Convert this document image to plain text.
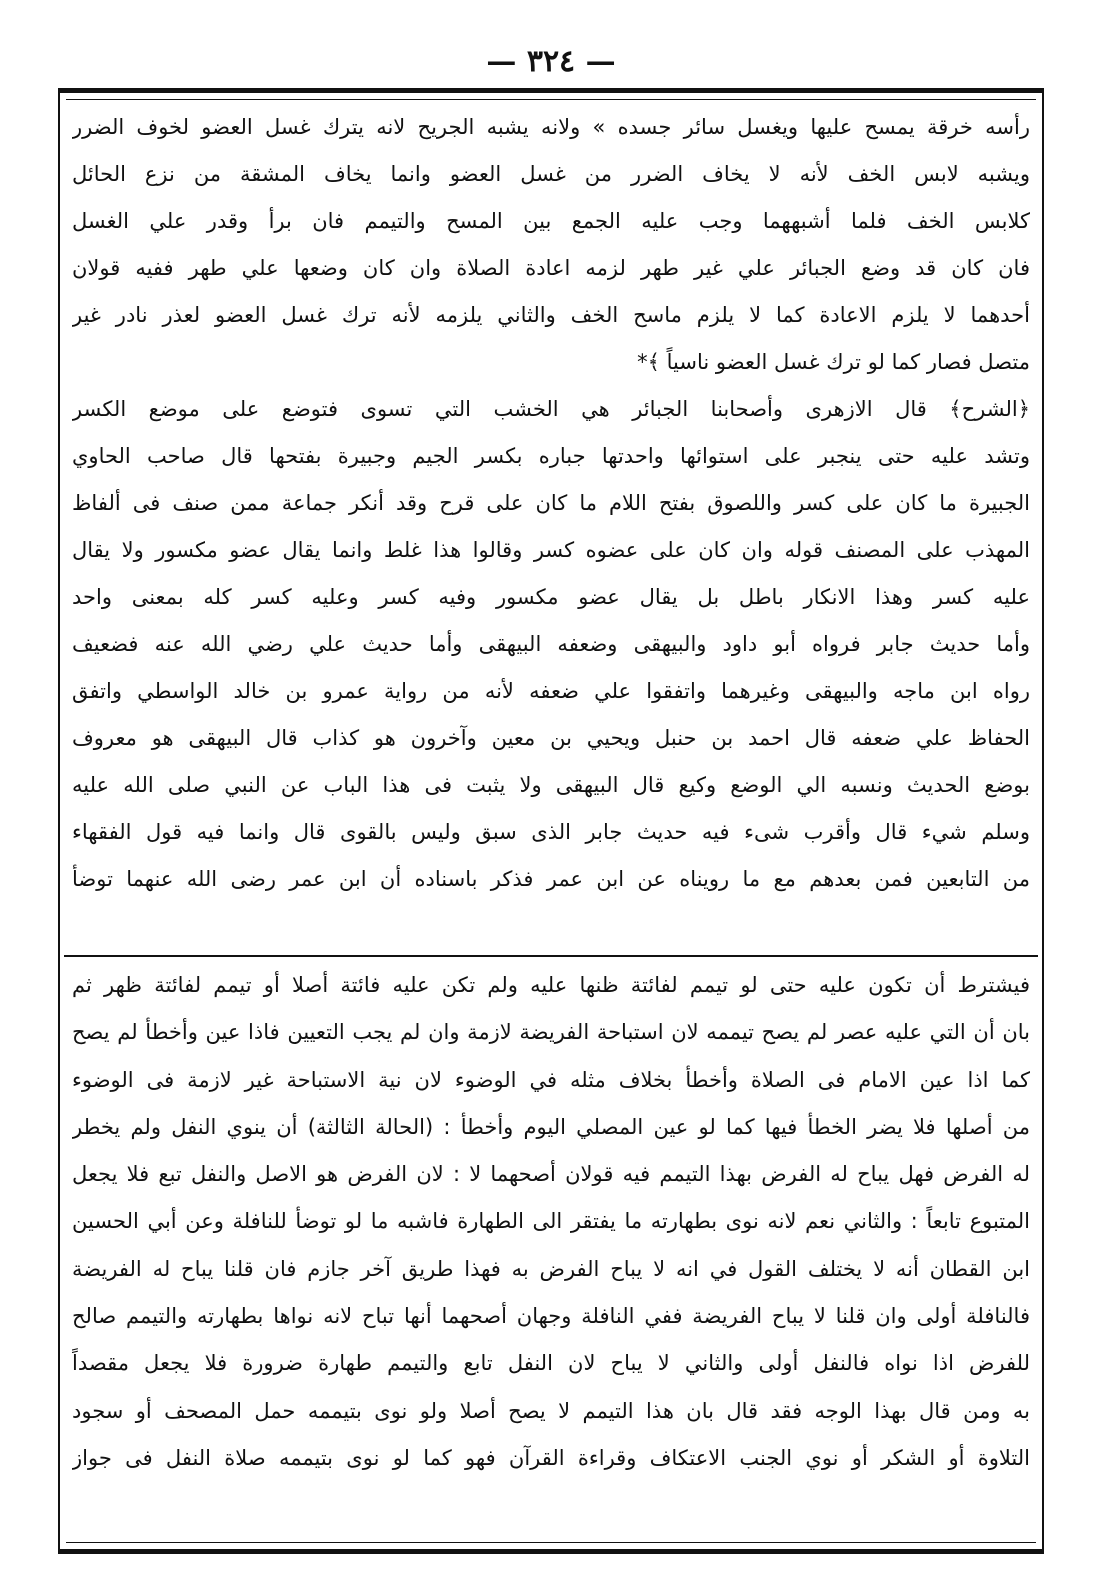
— ٣٢٤ —
رأسه خرقة يمسح عليها ويغسل سائر جسده » ولانه يشبه الجريح لانه يترك غسل العضو لخوف الضرر
ويشبه لابس الخف لأنه لا يخاف الضرر من غسل العضو وانما يخاف المشقة من نزع الحائل
كلابس الخف فلما أشبههما وجب عليه الجمع بين المسح والتيمم فان برأ وقدر علي الغسل
فان كان قد وضع الجبائر علي غير طهر لزمه اعادة الصلاة وان كان وضعها علي طهر ففيه قولان
أحدهما لا يلزم الاعادة كما لا يلزم ماسح الخف والثاني يلزمه لأنه ترك غسل العضو لعذر نادر غير
متصل فصار كما لو ترك غسل العضو ناسياً ﴾*
﴿الشرح﴾ قال الازهرى وأصحابنا الجبائر هي الخشب التي تسوى فتوضع على موضع الكسر
وتشد عليه حتى ينجبر على استوائها واحدتها جباره بكسر الجيم وجبيرة بفتحها قال صاحب الحاوي
الجبيرة ما كان على كسر واللصوق بفتح اللام ما كان على قرح وقد أنكر جماعة ممن صنف فى ألفاظ
المهذب على المصنف قوله وان كان على عضوه كسر وقالوا هذا غلط وانما يقال عضو مكسور ولا يقال
عليه كسر وهذا الانكار باطل بل يقال عضو مكسور وفيه كسر وعليه كسر كله بمعنى واحد
وأما حديث جابر فرواه أبو داود والبيهقى وضعفه البيهقى وأما حديث علي رضي الله عنه فضعيف
رواه ابن ماجه والبيهقى وغيرهما واتفقوا علي ضعفه لأنه من رواية عمرو بن خالد الواسطي واتفق
الحفاظ علي ضعفه قال احمد بن حنبل ويحيي بن معين وآخرون هو كذاب قال البيهقى هو معروف
بوضع الحديث ونسبه الي الوضع وكيع قال البيهقى ولا يثبت فى هذا الباب عن النبي صلى الله عليه
وسلم شيء قال وأقرب شىء فيه حديث جابر الذى سبق وليس بالقوى قال وانما فيه قول الفقهاء
من التابعين فمن بعدهم مع ما رويناه عن ابن عمر فذكر باسناده أن ابن عمر رضى الله عنهما توضأ
فيشترط أن تكون عليه حتى لو تيمم لفائتة ظنها عليه ولم تكن عليه فائتة أصلا أو تيمم لفائتة ظهر ثم
بان أن التي عليه عصر لم يصح تيممه لان استباحة الفريضة لازمة وان لم يجب التعيين فاذا عين وأخطأ لم يصح
كما اذا عين الامام فى الصلاة وأخطأ بخلاف مثله في الوضوء لان نية الاستباحة غير لازمة فى الوضوء
من أصلها فلا يضر الخطأ فيها كما لو عين المصلي اليوم وأخطأ : (الحالة الثالثة) أن ينوي النفل ولم يخطر
له الفرض فهل يباح له الفرض بهذا التيمم فيه قولان أصحهما لا : لان الفرض هو الاصل والنفل تبع فلا يجعل
المتبوع تابعاً : والثاني نعم لانه نوى بطهارته ما يفتقر الى الطهارة فاشبه ما لو توضأ للنافلة وعن أبي الحسين
ابن القطان أنه لا يختلف القول في انه لا يباح الفرض به فهذا طريق آخر جازم فان قلنا يباح له الفريضة
فالنافلة أولى وان قلنا لا يباح الفريضة ففي النافلة وجهان أصحهما أنها تباح لانه نواها بطهارته والتيمم صالح
للفرض اذا نواه فالنفل أولى والثاني لا يباح لان النفل تابع والتيمم طهارة ضرورة فلا يجعل مقصداً
به ومن قال بهذا الوجه فقد قال بان هذا التيمم لا يصح أصلا ولو نوى بتيممه حمل المصحف أو سجود
التلاوة أو الشكر أو نوي الجنب الاعتكاف وقراءة القرآن فهو كما لو نوى بتيممه صلاة النفل فى جواز
